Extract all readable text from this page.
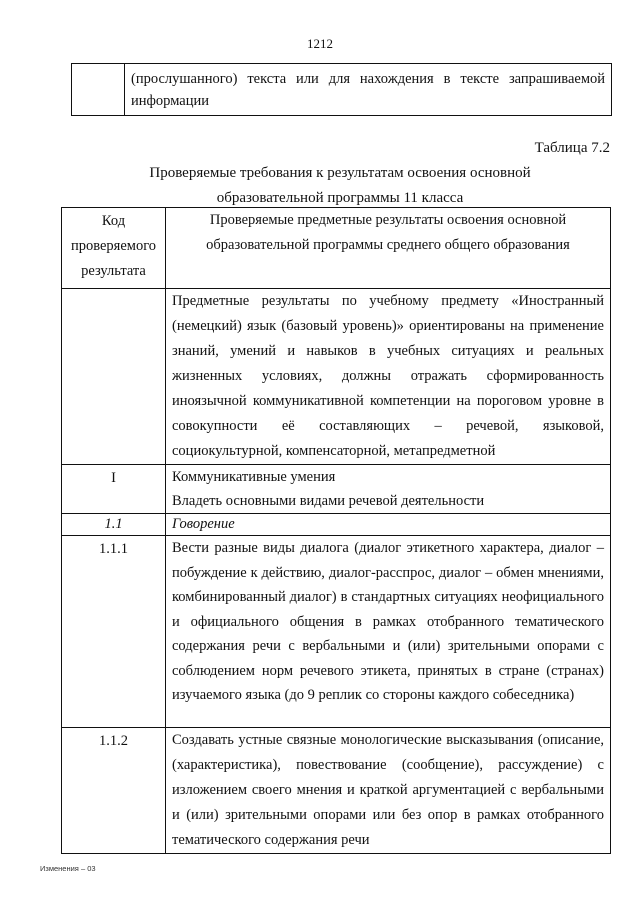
1212
	(прослушанного) текста или для нахождения в тексте запрашиваемой информации
Таблица 7.2
Проверяемые требования к результатам освоения основной образовательной программы 11 класса
Код проверяемого результата	Проверяемые предметные результаты освоения основной образовательной программы среднего общего образования
	Предметные результаты по учебному предмету «Иностранный (немецкий) язык (базовый уровень)» ориентированы на применение знаний, умений и навыков в учебных ситуациях и реальных жизненных условиях, должны отражать сформированность иноязычной коммуникативной компетенции на пороговом уровне в совокупности её составляющих – речевой, языковой, социокультурной, компенсаторной, метапредметной
I	Коммуникативные умения
Владеть основными видами речевой деятельности

1.1	Говорение
1.1.1	Вести разные виды диалога (диалог этикетного характера, диалог – побуждение к действию, диалог-расспрос, диалог – обмен мнениями, комбинированный диалог) в стандартных ситуациях неофициального и официального общения в рамках отобранного тематического содержания речи с вербальными и (или) зрительными опорами с соблюдением норм речевого этикета, принятых в стране (странах) изучаемого языка (до 9 реплик со стороны каждого собеседника)
1.1.2	Создавать устные связные монологические высказывания (описание, (характеристика), повествование (сообщение), рассуждение) с изложением своего мнения и краткой аргументацией с вербальными и (или) зрительными опорами или без опор в рамках отобранного тематического содержания речи
Изменения – 03
